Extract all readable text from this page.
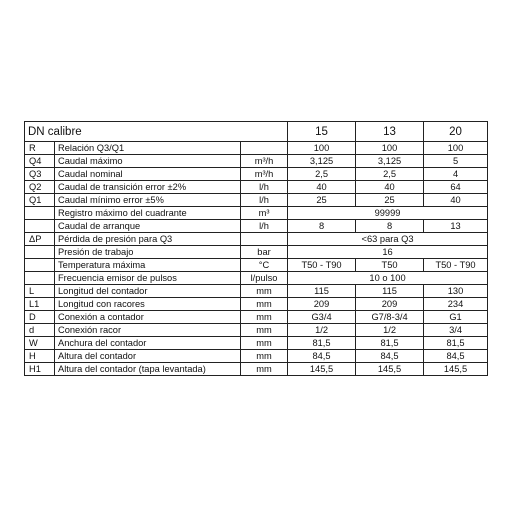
DN calibre			15	13	20
R	Relación Q3/Q1		100	100	100
Q4	Caudal máximo	m³/h	3,125	3,125	5
Q3	Caudal nominal	m³/h	2,5	2,5	4
Q2	Caudal de transición error ±2%	l/h	40	40	64
Q1	Caudal mínimo error ±5%	l/h	25	25	40
	Registro máximo del cuadrante	m³	99999		
	Caudal de arranque	l/h	8	8	13
ΔP	Pérdida de presión para Q3		<63 para Q3		
	Presión de trabajo	bar	16		
	Temperatura máxima	°C	T50 - T90	T50	T50 - T90
	Frecuencia emisor de pulsos	l/pulso	10 o 100		
L	Longitud del contador	mm	115	115	130
L1	Longitud con racores	mm	209	209	234
D	Conexión a contador	mm	G3/4	G7/8-3/4	G1
d	Conexión racor	mm	1/2	1/2	3/4
W	Anchura del contador	mm	81,5	81,5	81,5
H	Altura del contador	mm	84,5	84,5	84,5
H1	Altura del contador (tapa levantada)	mm	145,5	145,5	145,5
